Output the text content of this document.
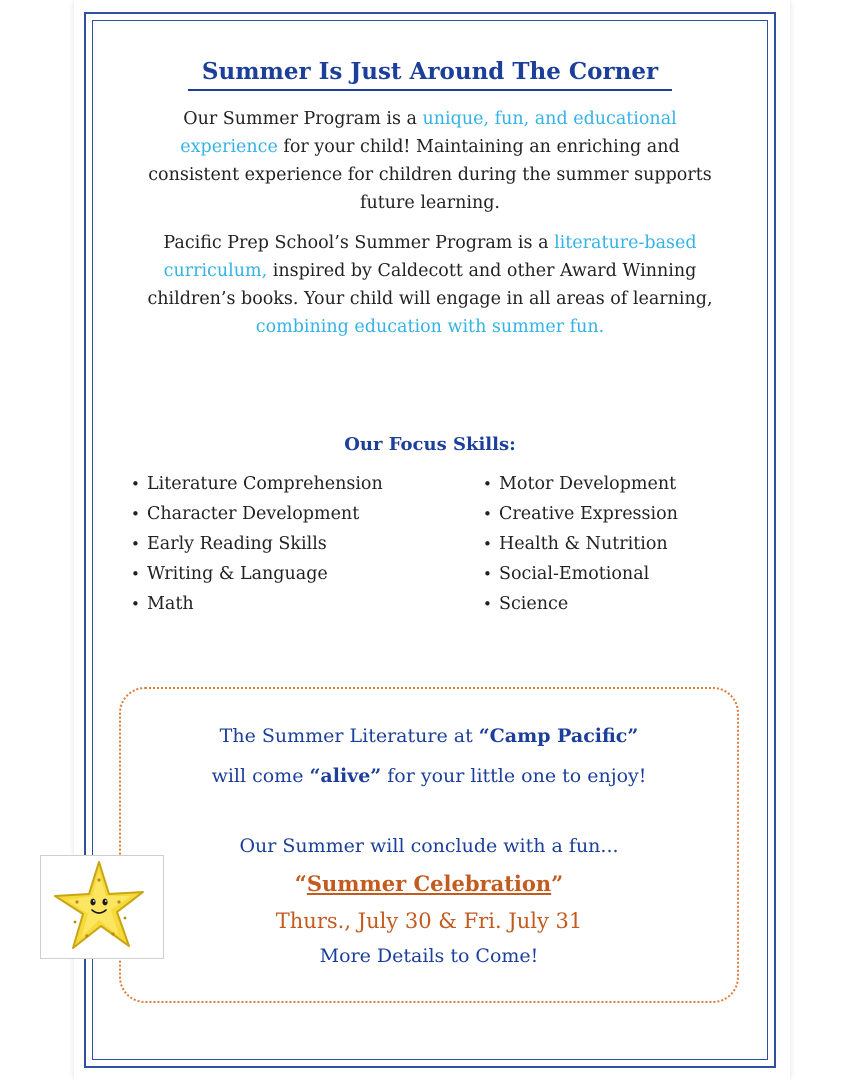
Summer Is Just Around The Corner

Our Summer Program is a unique, fun, and educational experience for your child! Maintaining an enriching and consistent experience for children during the summer supports future learning.

Pacific Prep School’s Summer Program is a literature-based curriculum, inspired by Caldecott and other Award Winning children’s books. Your child will engage in all areas of learning, combining education with summer fun.

Our Focus Skills:
• Literature Comprehension
• Character Development
• Early Reading Skills
• Writing & Language
• Math
• Motor Development
• Creative Expression
• Health & Nutrition
• Social-Emotional
• Science

The Summer Literature at “Camp Pacific”

will come “alive” for your little one to enjoy!

Our Summer will conclude with a fun...

“Summer Celebration”

Thurs., July 30 & Fri. July 31

More Details to Come!
